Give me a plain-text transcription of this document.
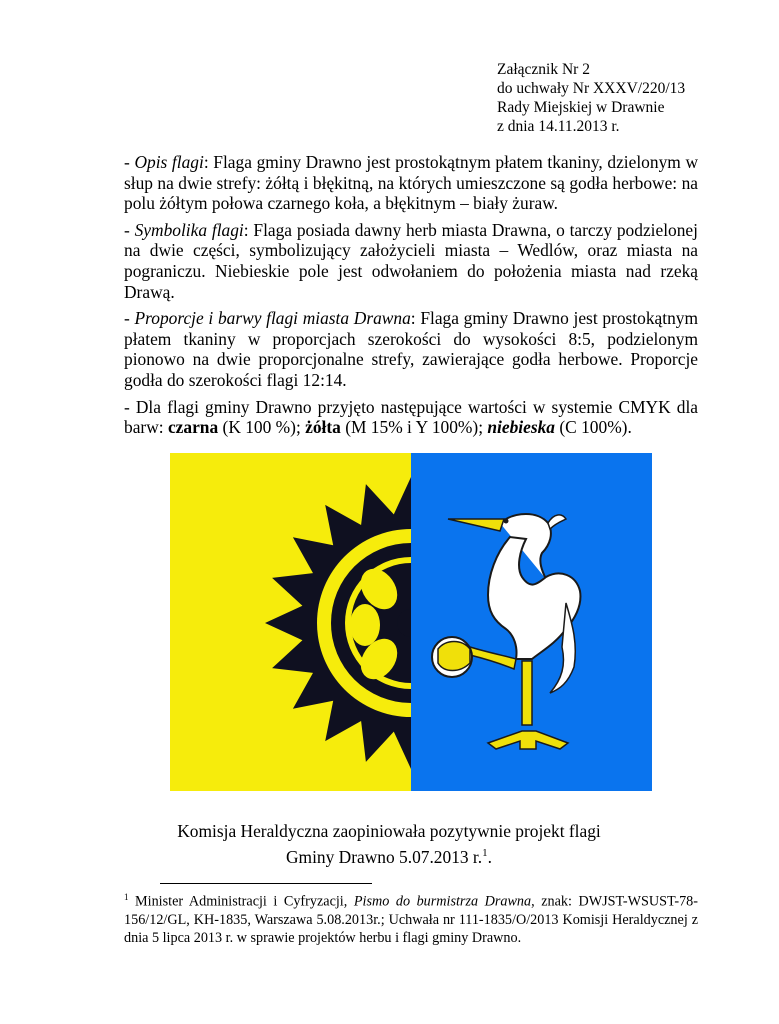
Załącznik Nr 2
do uchwały Nr XXXV/220/13
Rady Miejskiej w Drawnie
z dnia 14.11.2013 r.

- Opis flagi: Flaga gminy Drawno jest prostokątnym płatem tkaniny, dzielonym w słup na dwie strefy: żółtą i błękitną, na których umieszczone są godła herbowe: na polu żółtym połowa czarnego koła, a błękitnym – biały żuraw.

- Symbolika flagi: Flaga posiada dawny herb miasta Drawna, o tarczy podzielonej na dwie części, symbolizujący założycieli miasta – Wedlów, oraz miasta na pograniczu. Niebieskie pole jest odwołaniem do położenia miasta nad rzeką Drawą.

- Proporcje i barwy flagi miasta Drawna: Flaga gminy Drawno jest prostokątnym płatem tkaniny w proporcjach szerokości do wysokości 8:5, podzielonym pionowo na dwie proporcjonalne strefy, zawierające godła herbowe. Proporcje godła do szerokości flagi 12:14.

- Dla flagi gminy Drawno przyjęto następujące wartości w systemie CMYK dla barw: czarna (K 100 %); żółta (M 15% i Y 100%); niebieska (C 100%).

Komisja Heraldyczna zaopiniowała pozytywnie projekt flagi
Gminy Drawno 5.07.2013 r.$^1$.
$^1$ Minister Administracji i Cyfryzacji, Pismo do burmistrza Drawna, znak: DWJST-WSUST-78-156/12/GL, KH-1835, Warszawa 5.08.2013r.; Uchwała nr 111-1835/O/2013 Komisji Heraldycznej z dnia 5 lipca 2013 r. w sprawie projektów herbu i flagi gminy Drawno.
